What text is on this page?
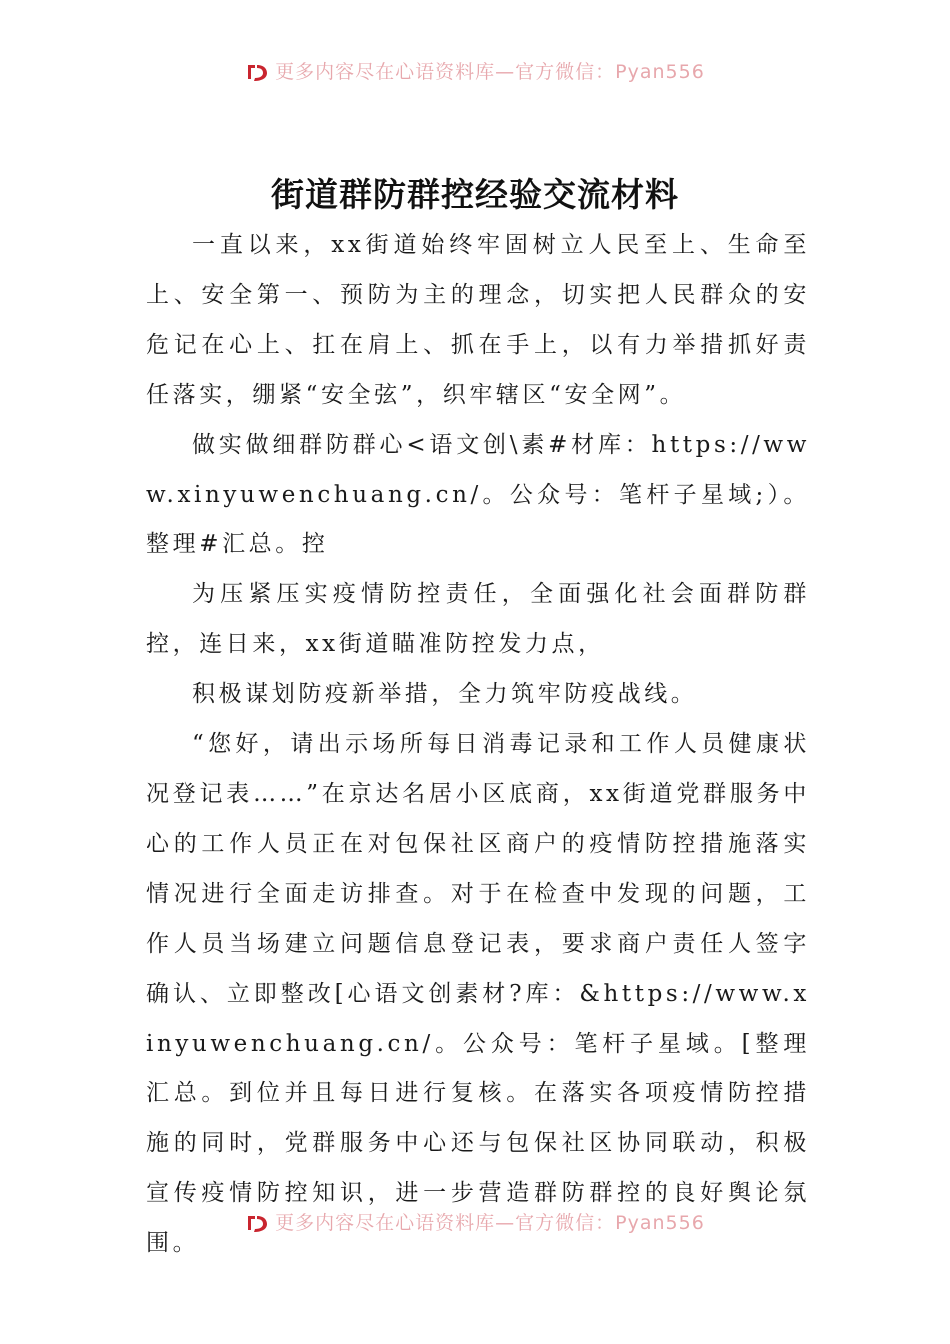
更多内容尽在心语资料库—官方微信：Pyan556
街道群防群控经验交流材料

一直以来，xx街道始终牢固树立人民至上、生命至上、安全第一、预防为主的理念，切实把人民群众的安危记在心上、扛在肩上、抓在手上，以有力举措抓好责任落实，绷紧“安全弦”，织牢辖区“安全网”。

做实做细群防群心<语文创\素#材库：https://www.xinyuwenchuang.cn/。公众号：笔杆子星域;）。整理#汇总。控

为压紧压实疫情防控责任，全面强化社会面群防群控，连日来，xx街道瞄准防控发力点，

积极谋划防疫新举措，全力筑牢防疫战线。

“您好，请出示场所每日消毒记录和工作人员健康状况登记表……”在京达名居小区底商，xx街道党群服务中心的工作人员正在对包保社区商户的疫情防控措施落实情况进行全面走访排查。对于在检查中发现的问题，工作人员当场建立问题信息登记表，要求商户责任人签字确认、立即整改[心语文创素材?库：&https://www.xinyuwenchuang.cn/。公众号：笔杆子星域。[整理汇总。到位并且每日进行复核。在落实各项疫情防控措施的同时，党群服务中心还与包保社区协同联动，积极宣传疫情防控知识，进一步营造群防群控的良好舆论氛围。

更多内容尽在心语资料库—官方微信：Pyan556
